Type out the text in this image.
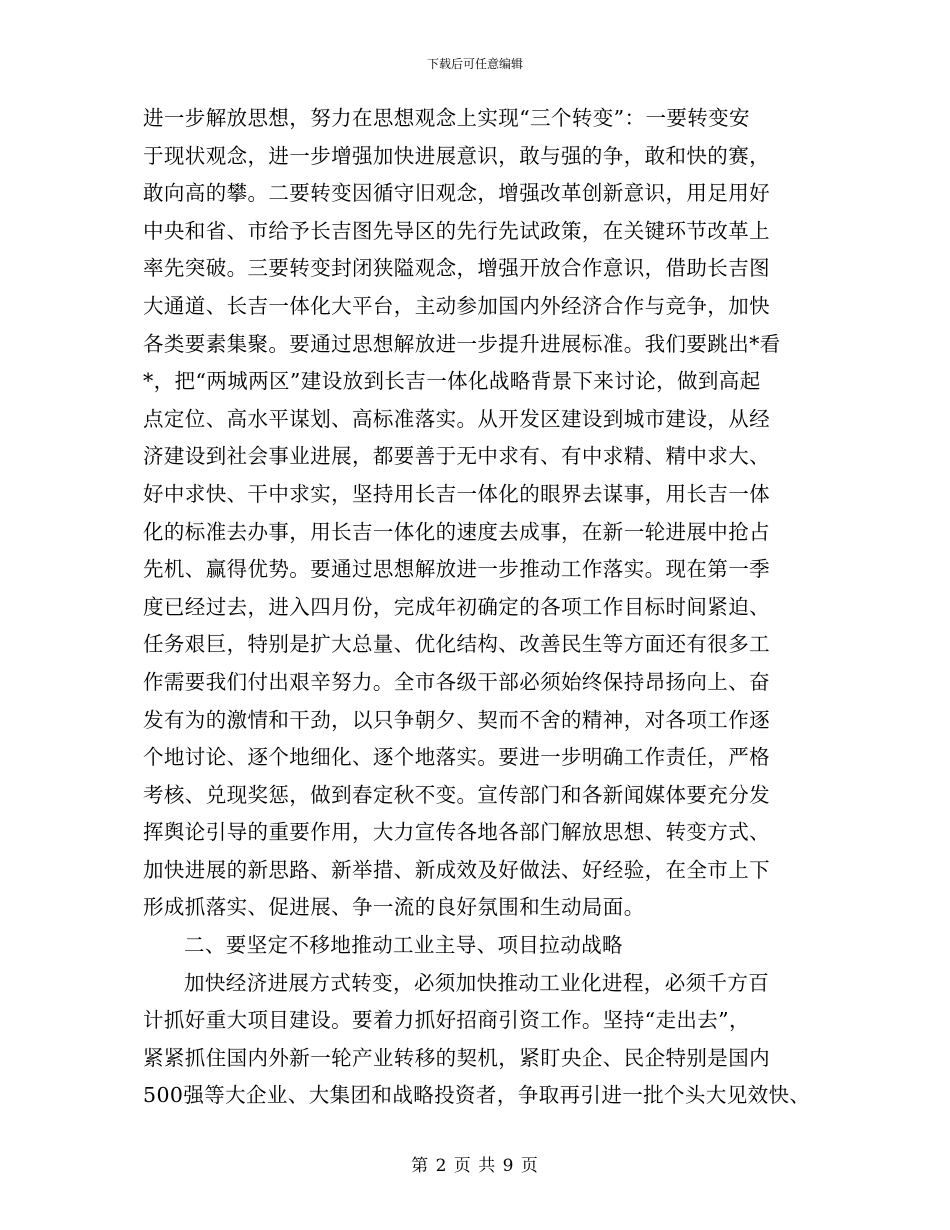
下载后可任意编辑
进一步解放思想，努力在思想观念上实现“三个转变”：一要转变安
于现状观念，进一步增强加快进展意识，敢与强的争，敢和快的赛，
敢向高的攀。二要转变因循守旧观念，增强改革创新意识，用足用好
中央和省、市给予长吉图先导区的先行先试政策，在关键环节改革上
率先突破。三要转变封闭狭隘观念，增强开放合作意识，借助长吉图
大通道、长吉一体化大平台，主动参加国内外经济合作与竞争，加快
各类要素集聚。要通过思想解放进一步提升进展标准。我们要跳出*看
*，把“两城两区”建设放到长吉一体化战略背景下来讨论，做到高起
点定位、高水平谋划、高标准落实。从开发区建设到城市建设，从经
济建设到社会事业进展，都要善于无中求有、有中求精、精中求大、
好中求快、干中求实，坚持用长吉一体化的眼界去谋事，用长吉一体
化的标准去办事，用长吉一体化的速度去成事，在新一轮进展中抢占
先机、赢得优势。要通过思想解放进一步推动工作落实。现在第一季
度已经过去，进入四月份，完成年初确定的各项工作目标时间紧迫、
任务艰巨，特别是扩大总量、优化结构、改善民生等方面还有很多工
作需要我们付出艰辛努力。全市各级干部必须始终保持昂扬向上、奋
发有为的激情和干劲，以只争朝夕、契而不舍的精神，对各项工作逐
个地讨论、逐个地细化、逐个地落实。要进一步明确工作责任，严格
考核、兑现奖惩，做到春定秋不变。宣传部门和各新闻媒体要充分发
挥舆论引导的重要作用，大力宣传各地各部门解放思想、转变方式、
加快进展的新思路、新举措、新成效及好做法、好经验，在全市上下
形成抓落实、促进展、争一流的良好氛围和生动局面。
二、要坚定不移地推动工业主导、项目拉动战略
加快经济进展方式转变，必须加快推动工业化进程，必须千方百
计抓好重大项目建设。要着力抓好招商引资工作。坚持“走出去”，
紧紧抓住国内外新一轮产业转移的契机，紧盯央企、民企特别是国内
500强等大企业、大集团和战略投资者，争取再引进一批个头大见效快、
第 2 页 共 9 页
